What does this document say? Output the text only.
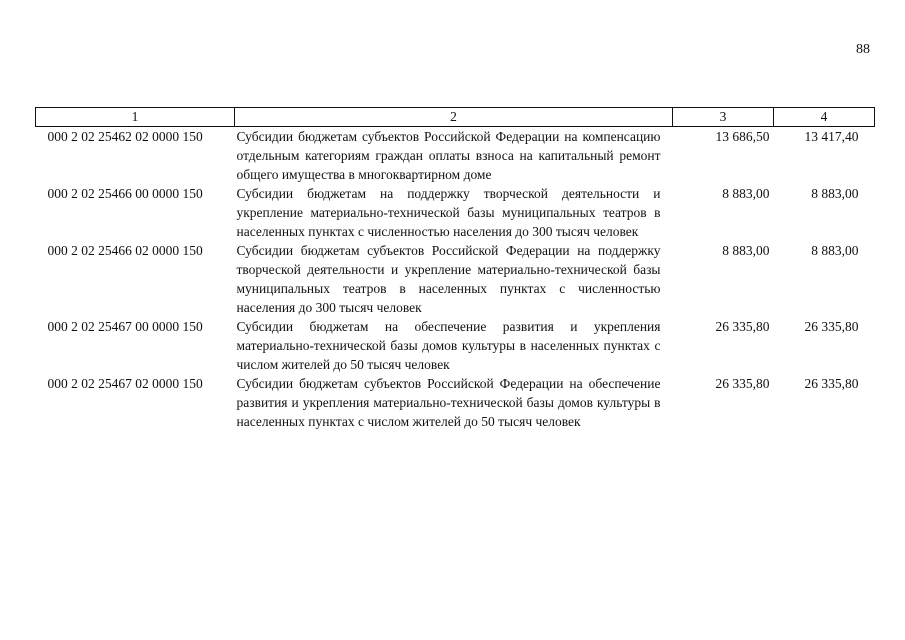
88
1	2	3	4
000 2 02 25462 02 0000 150	Субсидии бюджетам субъектов Российской Федерации на компенсацию отдельным категориям граждан оплаты взноса на капитальный ремонт общего имущества в многоквартирном доме	13 686,50	13 417,40
000 2 02 25466 00 0000 150	Субсидии бюджетам на поддержку творческой деятельности и укрепление материально-технической базы муниципальных театров в населенных пунктах с численностью населения до 300 тысяч человек	8 883,00	8 883,00
000 2 02 25466 02 0000 150	Субсидии бюджетам субъектов Российской Федерации на поддержку творческой деятельности и укрепление материально-технической базы муниципальных театров в населенных пунктах с численностью населения до 300 тысяч человек	8 883,00	8 883,00
000 2 02 25467 00 0000 150	Субсидии бюджетам на обеспечение развития и укрепления материально-технической базы домов культуры в населенных пунктах с числом жителей до 50 тысяч человек	26 335,80	26 335,80
000 2 02 25467 02 0000 150	Субсидии бюджетам субъектов Российской Федерации на обеспечение развития и укрепления материально-технической базы домов культуры в населенных пунктах с числом жителей до 50 тысяч человек	26 335,80	26 335,80
